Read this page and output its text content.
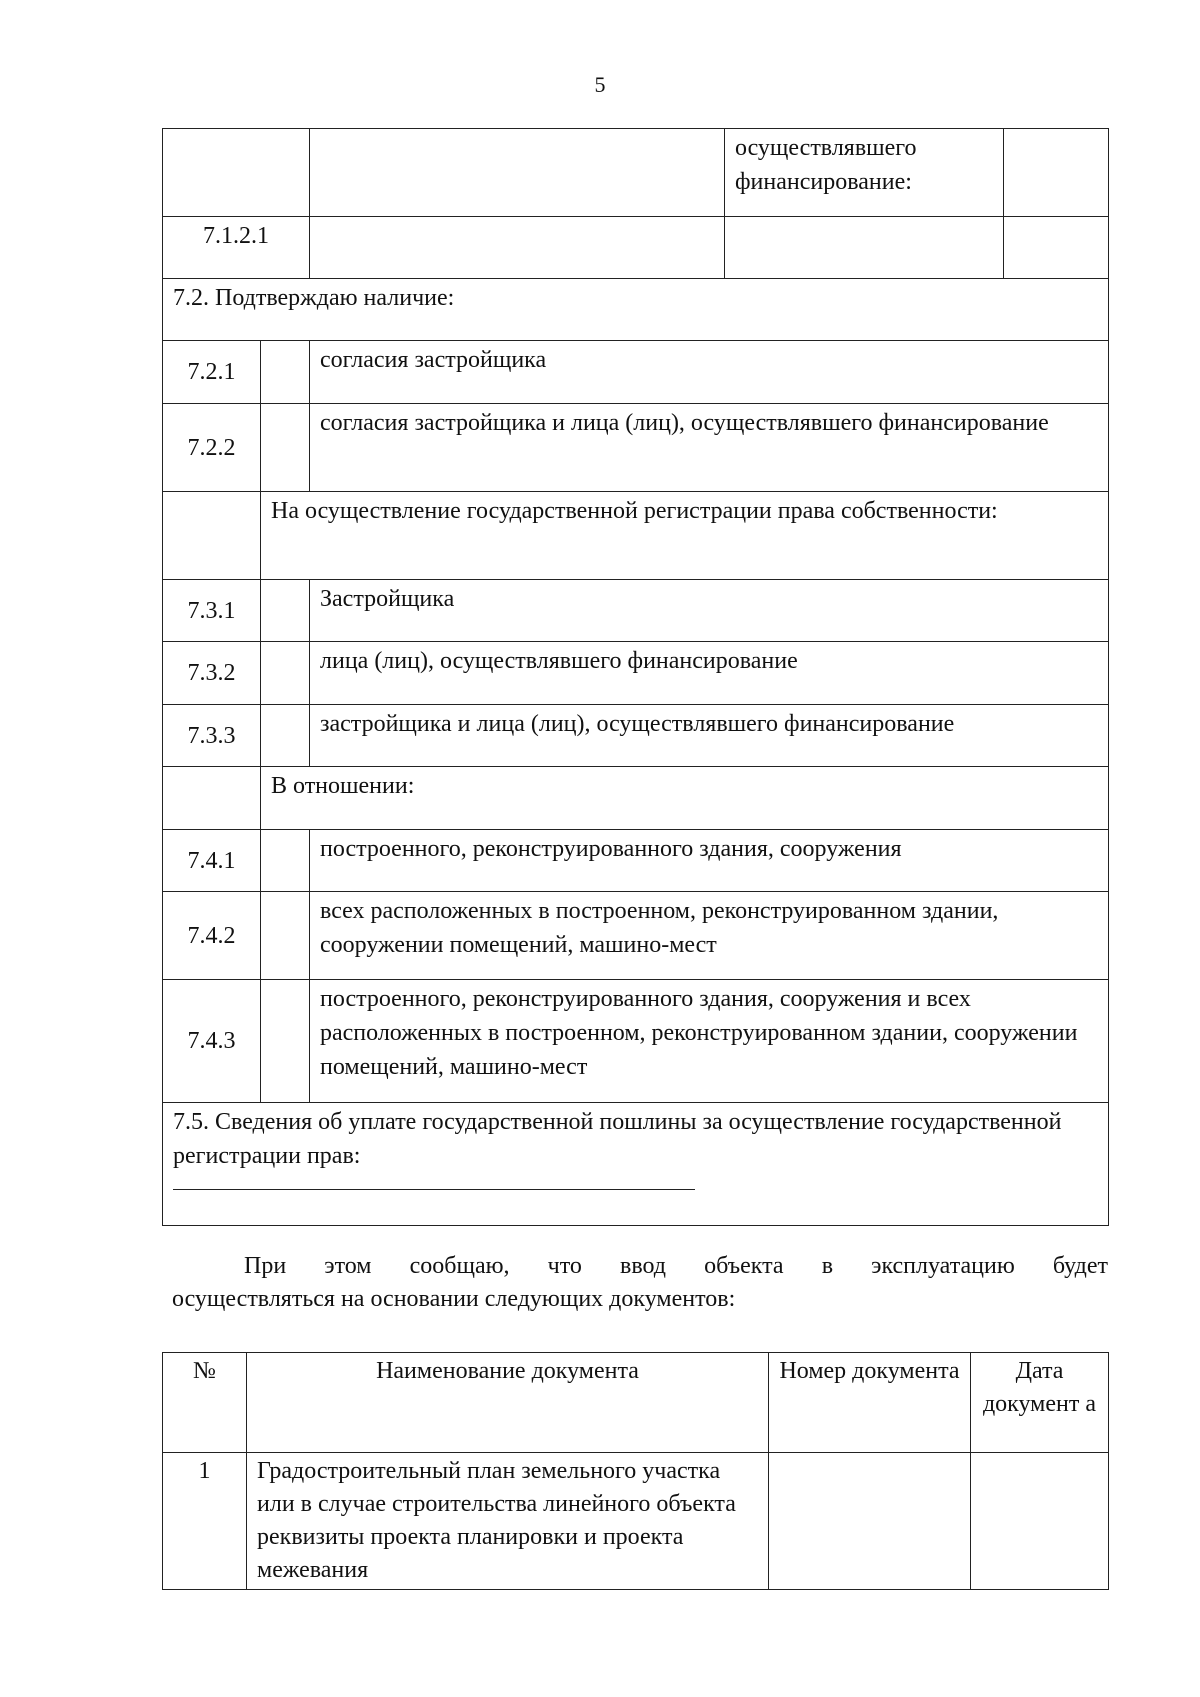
5

			осуществлявшего финансирование:	

7.1.2.1				

7.2. Подтверждаю наличие:				

7.2.1		согласия застройщика		

7.2.2		согласия застройщика и лица (лиц), осуществлявшего финансирование		

	На осуществление государственной регистрации права собственности:			

7.3.1		Застройщика		

7.3.2		лица (лиц), осуществлявшего финансирование		

7.3.3		застройщика и лица (лиц), осуществлявшего финансирование		

	В отношении:			

7.4.1		построенного, реконструированного здания, сооружения		

7.4.2		всех расположенных в построенном, реконструированном здании, сооружении помещений, машино-мест		

7.4.3		построенного, реконструированного здания, сооружения и всех расположенных в построенном, реконструированном здании, сооружении помещений, машино-мест		

7.5. Сведения об уплате государственной пошлины за осуществление государственной регистрации прав:				
При этом сообщаю, что ввод объекта в эксплуатацию будет
осуществляться на основании следующих документов:
№	Наименование документа	Номер документа	Дата документ а
1	Градостроительный план земельного участка или в случае строительства линейного объекта реквизиты проекта планировки и проекта межевания		
